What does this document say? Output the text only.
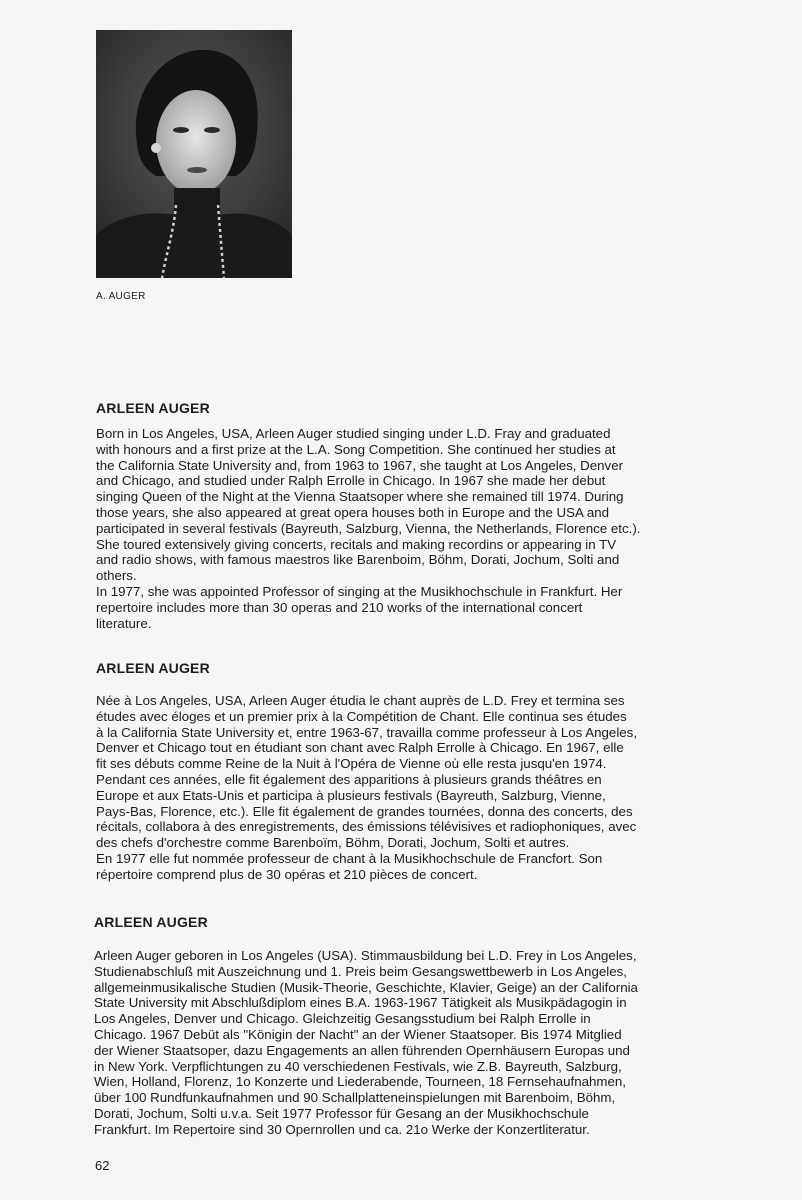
A. AUGER
ARLEEN AUGER

Born in Los Angeles, USA, Arleen Auger studied singing under L.D. Fray and graduated
with honours and a first prize at the L.A. Song Competition. She continued her studies at
the California State University and, from 1963 to 1967, she taught at Los Angeles, Denver
and Chicago, and studied under Ralph Errolle in Chicago. In 1967 she made her debut
singing Queen of the Night at the Vienna Staatsoper where she remained till 1974. During
those years, she also appeared at great opera houses both in Europe and the USA and
participated in several festivals (Bayreuth, Salzburg, Vienna, the Netherlands, Florence etc.).
She toured extensively giving concerts, recitals and making recordins or appearing in TV
and radio shows, with famous maestros like Barenboim, Böhm, Dorati, Jochum, Solti and
others.
In 1977, she was appointed Professor of singing at the Musikhochschule in Frankfurt. Her
repertoire includes more than 30 operas and 210 works of the international concert
literature.

ARLEEN AUGER

Née à Los Angeles, USA, Arleen Auger étudia le chant auprès de L.D. Frey et termina ses
études avec éloges et un premier prix à la Compétition de Chant. Elle continua ses études
à la California State University et, entre 1963-67, travailla comme professeur à Los Angeles,
Denver et Chicago tout en étudiant son chant avec Ralph Errolle à Chicago. En 1967, elle
fit ses débuts comme Reine de la Nuit à l'Opéra de Vienne où elle resta jusqu'en 1974.
Pendant ces années, elle fit également des apparitions à plusieurs grands théâtres en
Europe et aux Etats-Unis et participa à plusieurs festivals (Bayreuth, Salzburg, Vienne,
Pays-Bas, Florence, etc.). Elle fit également de grandes tournées, donna des concerts, des
récitals, collabora à des enregistrements, des émissions télévisives et radiophoniques, avec
des chefs d'orchestre comme Barenboïm, Böhm, Dorati, Jochum, Solti et autres.
En 1977 elle fut nommée professeur de chant à la Musikhochschule de Francfort. Son
répertoire comprend plus de 30 opéras et 210 pièces de concert.

ARLEEN AUGER

Arleen Auger geboren in Los Angeles (USA). Stimmausbildung bei L.D. Frey in Los Angeles,
Studienabschluß mit Auszeichnung und 1. Preis beim Gesangswettbewerb in Los Angeles,
allgemeinmusikalische Studien (Musik-Theorie, Geschichte, Klavier, Geige) an der California
State University mit Abschlußdiplom eines B.A. 1963-1967 Tätigkeit als Musikpädagogin in
Los Angeles, Denver und Chicago. Gleichzeitig Gesangsstudium bei Ralph Errolle in
Chicago. 1967 Debüt als "Königin der Nacht" an der Wiener Staatsoper. Bis 1974 Mitglied
der Wiener Staatsoper, dazu Engagements an allen führenden Opernhäusern Europas und
in New York. Verpflichtungen zu 40 verschiedenen Festivals, wie Z.B. Bayreuth, Salzburg,
Wien, Holland, Florenz, 1o Konzerte und Liederabende, Tourneen, 18 Fernsehaufnahmen,
über 100 Rundfunkaufnahmen und 90 Schallplatteneinspielungen mit Barenboim, Böhm,
Dorati, Jochum, Solti u.v.a. Seit 1977 Professor für Gesang an der Musikhochschule
Frankfurt. Im Repertoire sind 30 Opernrollen und ca. 21o Werke der Konzertliteratur.

62
